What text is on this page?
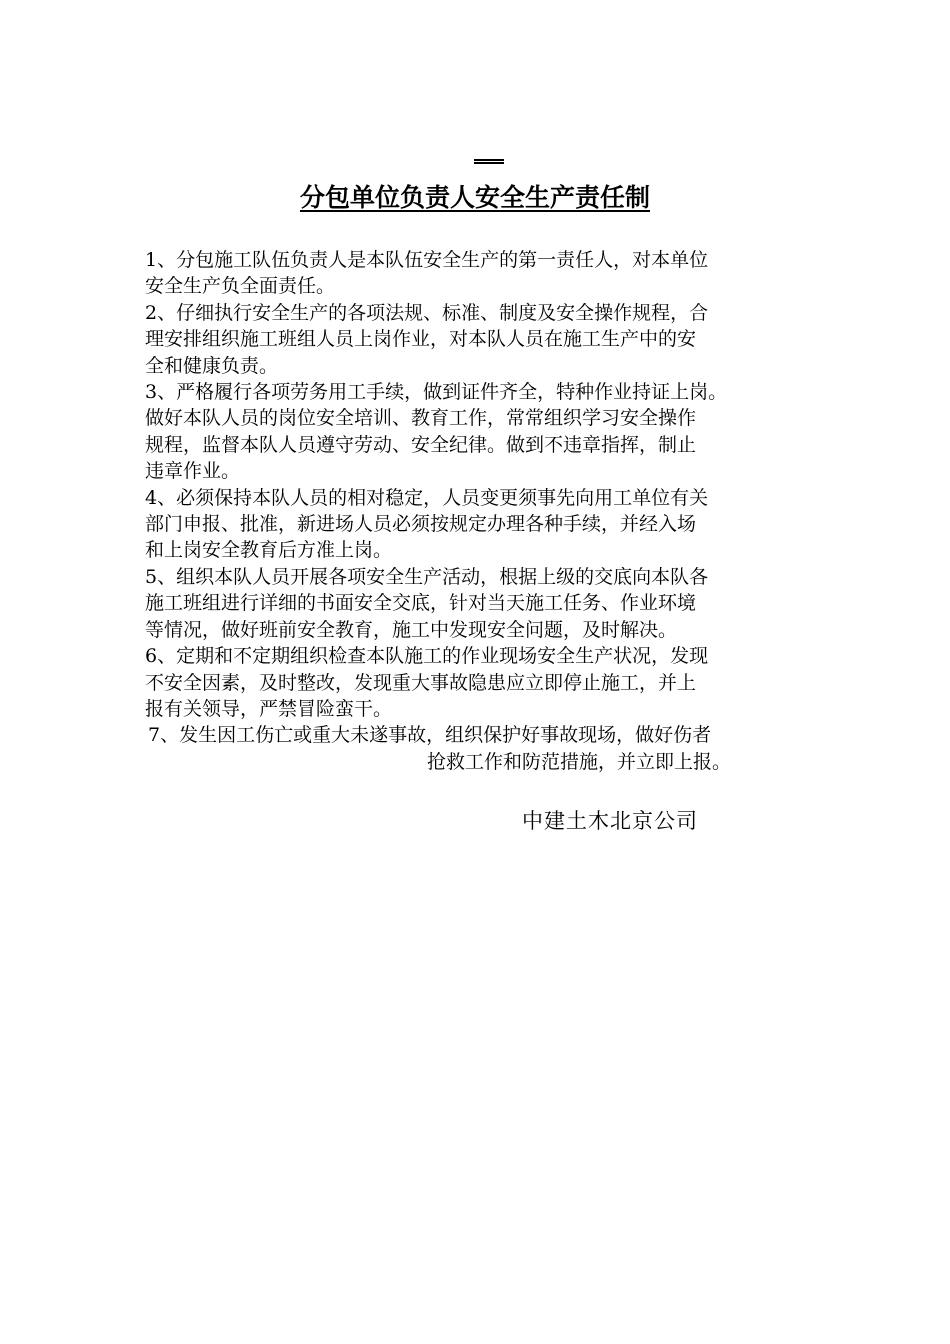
分包单位负责人安全生产责任制

1、分包施工队伍负责人是本队伍安全生产的第一责任人，对本单位
安全生产负全面责任。

2、仔细执行安全生产的各项法规、标准、制度及安全操作规程，合
理安排组织施工班组人员上岗作业，对本队人员在施工生产中的安
全和健康负责。

3、严格履行各项劳务用工手续，做到证件齐全，特种作业持证上岗。
做好本队人员的岗位安全培训、教育工作，常常组织学习安全操作
规程，监督本队人员遵守劳动、安全纪律。做到不违章指挥，制止
违章作业。

4、必须保持本队人员的相对稳定，人员变更须事先向用工单位有关
部门申报、批准，新进场人员必须按规定办理各种手续，并经入场
和上岗安全教育后方准上岗。

5、组织本队人员开展各项安全生产活动，根据上级的交底向本队各
施工班组进行详细的书面安全交底，针对当天施工任务、作业环境
等情况，做好班前安全教育，施工中发现安全问题，及时解决。

6、定期和不定期组织检查本队施工的作业现场安全生产状况，发现
不安全因素，及时整改，发现重大事故隐患应立即停止施工，并上
报有关领导，严禁冒险蛮干。

7、发生因工伤亡或重大未遂事故，组织保护好事故现场，做好伤者
抢救工作和防范措施，并立即上报。

中建土木北京公司
